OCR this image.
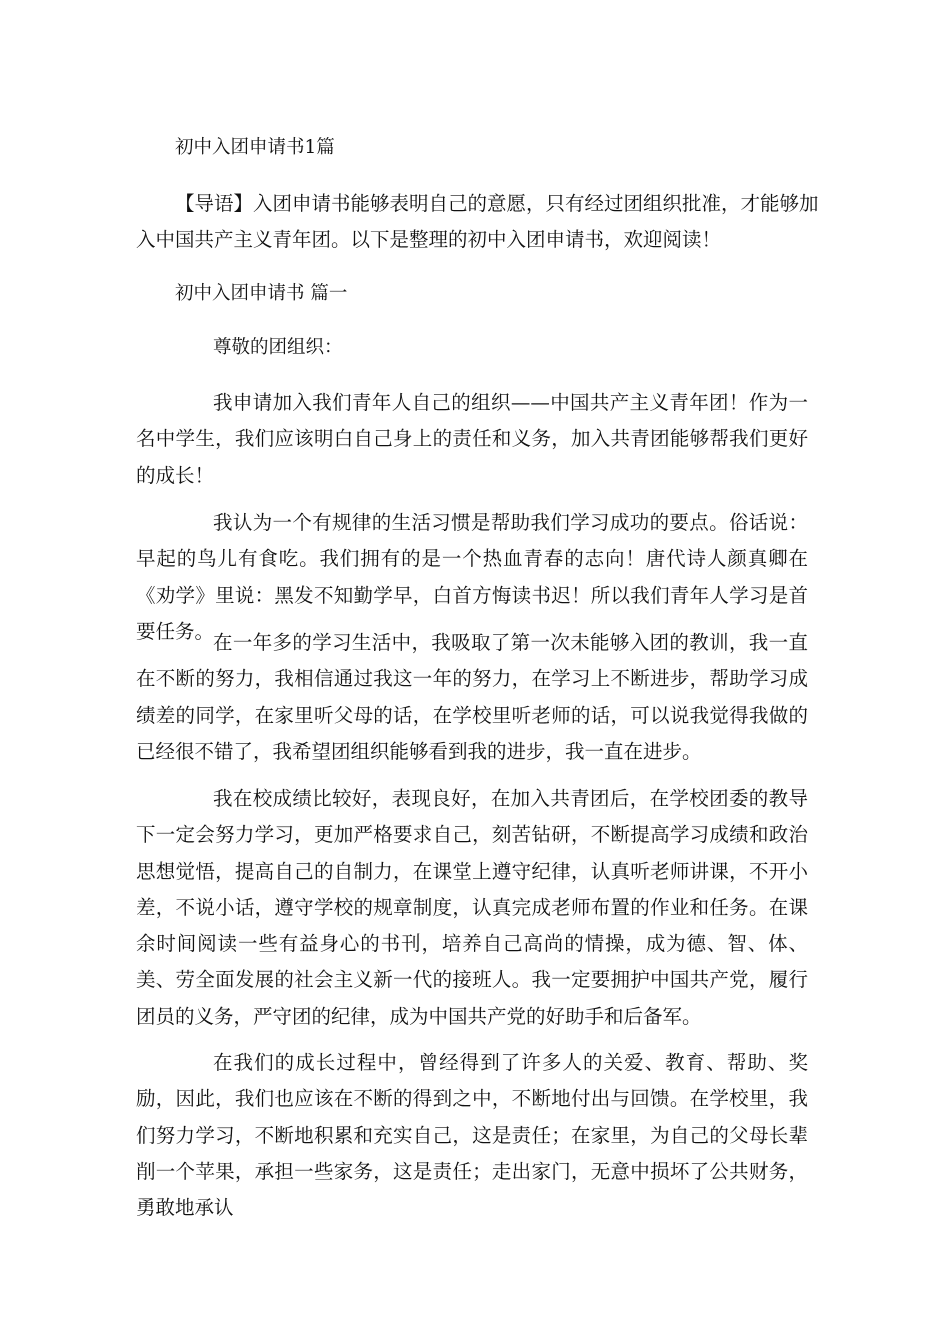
初中入团申请书1篇
【导语】入团申请书能够表明自己的意愿，只有经过团组织批准，才能够加
入中国共产主义青年团。以下是整理的初中入团申请书，欢迎阅读！
初中入团申请书 篇一
尊敬的团组织：

我申请加入我们青年人自己的组织——中国共产主义青年团！作为一名中学生，我们应该明白自己身上的责任和义务，加入共青团能够帮我们更好的成长！

我认为一个有规律的生活习惯是帮助我们学习成功的要点。俗话说：早起的鸟儿有食吃。我们拥有的是一个热血青春的志向！唐代诗人颜真卿在《劝学》里说：黑发不知勤学早，白首方悔读书迟！所以我们青年人学习是首要任务。

在一年多的学习生活中，我吸取了第一次未能够入团的教训，我一直在不断的努力，我相信通过我这一年的努力，在学习上不断进步，帮助学习成绩差的同学，在家里听父母的话，在学校里听老师的话，可以说我觉得我做的已经很不错了，我希望团组织能够看到我的进步，我一直在进步。

我在校成绩比较好，表现良好，在加入共青团后，在学校团委的教导下一定会努力学习，更加严格要求自己，刻苦钻研，不断提高学习成绩和政治思想觉悟，提高自己的自制力，在课堂上遵守纪律，认真听老师讲课，不开小差，不说小话，遵守学校的规章制度，认真完成老师布置的作业和任务。在课余时间阅读一些有益身心的书刊，培养自己高尚的情操，成为德、智、体、美、劳全面发展的社会主义新一代的接班人。我一定要拥护中国共产党，履行团员的义务，严守团的纪律，成为中国共产党的好助手和后备军。

在我们的成长过程中，曾经得到了许多人的关爱、教育、帮助、奖励，因此，我们也应该在不断的得到之中，不断地付出与回馈。在学校里，我们努力学习，不断地积累和充实自己，这是责任；在家里，为自己的父母长辈削一个苹果，承担一些家务，这是责任；走出家门，无意中损坏了公共财务，勇敢地承认
